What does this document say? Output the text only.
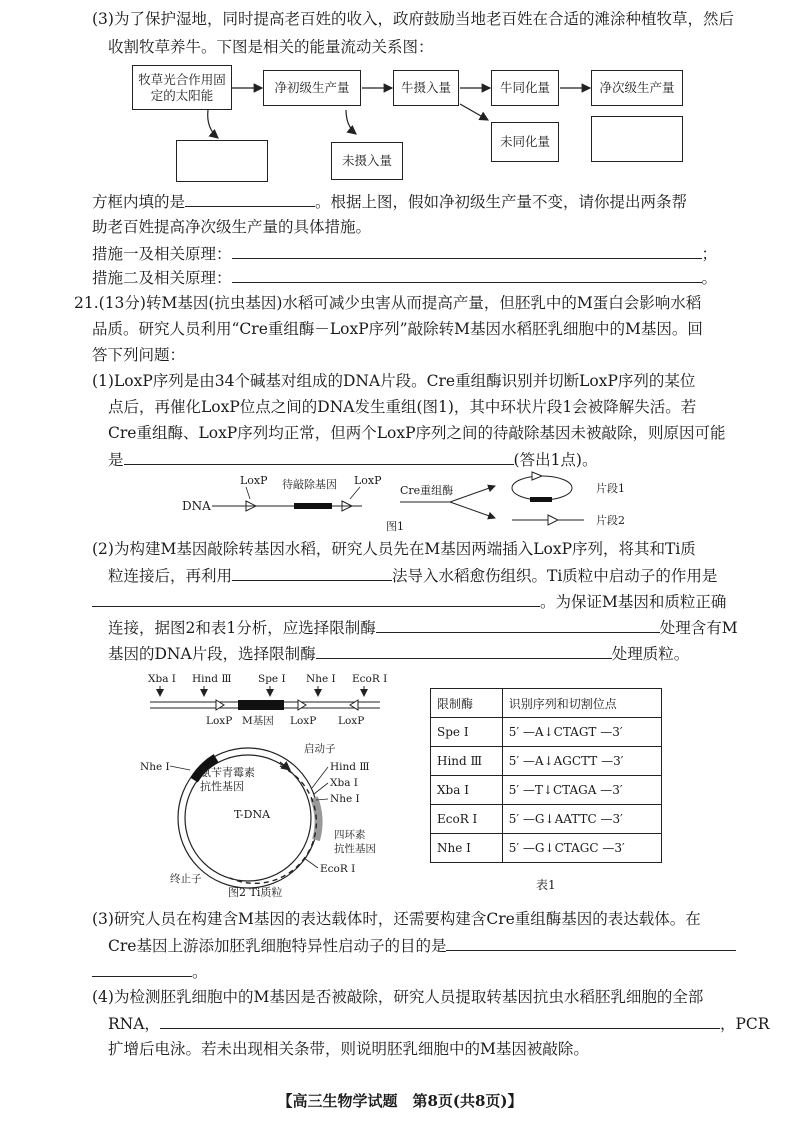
(3)为了保护湿地，同时提高老百姓的收入，政府鼓励当地老百姓在合适的滩涂种植牧草，然后

收割牧草养牛。下图是相关的能量流动关系图：

牧草光合作用固定的太阳能	净初级生产量	牛摄入量	牛同化量	净次级生产量
未摄入量
未同化量

方框内填的是	。根据上图，假如净初级生产量不变，请你提出两条帮

助老百姓提高净次级生产量的具体措施。

措施一及相关原理：	；

措施二及相关原理：	。

21.(13分)转M基因(抗虫基因)水稻可减少虫害从而提高产量，但胚乳中的M蛋白会影响水稻

品质。研究人员利用“Cre重组酶－LoxP序列”敲除转M基因水稻胚乳细胞中的M基因。回

答下列问题：

(1)LoxP序列是由34个碱基对组成的DNA片段。Cre重组酶识别并切断LoxP序列的某位

点后，再催化LoxP位点之间的DNA发生重组(图1)，其中环状片段1会被降解失活。若

Cre重组酶、LoxP序列均正常，但两个LoxP序列之间的待敲除基因未被敲除，则原因可能

是	(答出1点)。

DNA
LoxP 待敲除基因 LoxP
Cre重组酶	片段1
片段2
图1

(2)为构建M基因敲除转基因水稻，研究人员先在M基因两端插入LoxP序列，将其和Ti质

粒连接后，再利用	法导入水稻愈伤组织。Ti质粒中启动子的作用是

。为保证M基因和质粒正确

连接，据图2和表1分析，应选择限制酶	处理含有M

基因的DNA片段，选择限制酶	处理质粒。

Xba Ⅰ Hind Ⅲ	Spe Ⅰ Nhe Ⅰ EcoR Ⅰ
LoxP M基因 LoxP LoxP
Nhe Ⅰ	氨苄青霉素
抗性基因
启动子
Hind Ⅲ
Xba Ⅰ
Nhe Ⅰ
T-DNA
四环素
抗性基因
EcoR Ⅰ
终止子
图2 Ti质粒
限制酶	识别序列和切割位点
Spe Ⅰ	5′ —A↓CTAGT —3′
Hind Ⅲ	5′ —A↓AGCTT —3′
Xba Ⅰ	5′ —T↓CTAGA —3′
EcoR Ⅰ	5′ —G↓AATTC —3′
Nhe Ⅰ	5′ —G↓CTAGC —3′

表1

(3)研究人员在构建含M基因的表达载体时，还需要构建含Cre重组酶基因的表达载体。在

Cre基因上游添加胚乳细胞特异性启动子的目的是

。

(4)为检测胚乳细胞中的M基因是否被敲除，研究人员提取转基因抗虫水稻胚乳细胞的全部

RNA，	，PCR

扩增后电泳。若未出现相关条带，则说明胚乳细胞中的M基因被敲除。

【高三生物学试题　第8页(共8页)】
